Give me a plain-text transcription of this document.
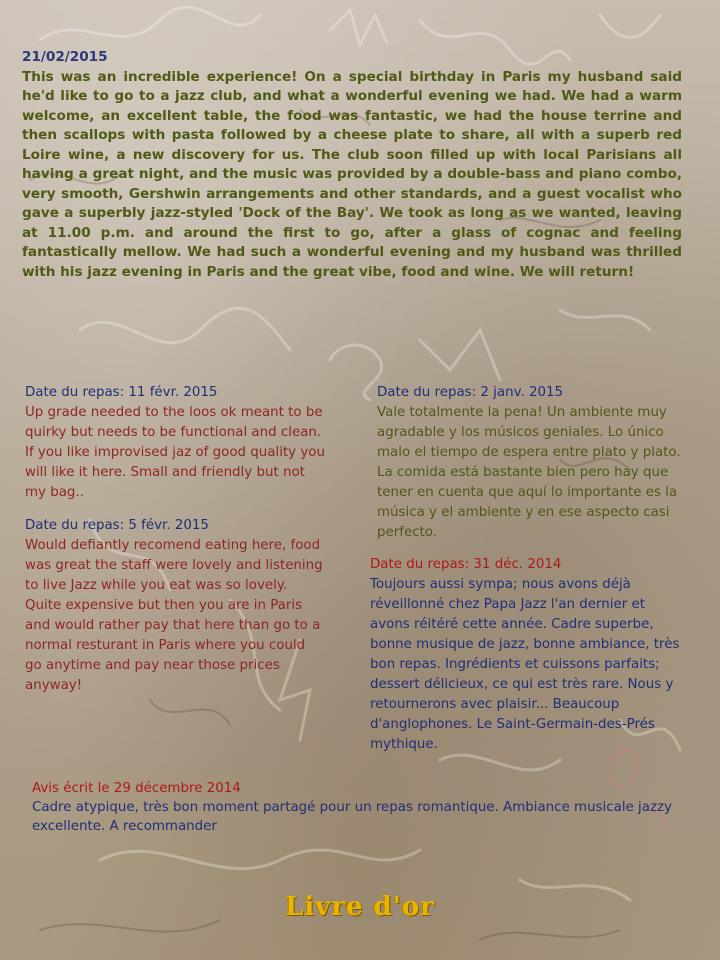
21/02/2015
This was an incredible experience! On a special birthday in Paris my husband said he'd like to go to a jazz club, and what a wonderful evening we had. We had a warm welcome, an excellent table, the food was fantastic, we had the house terrine and then scallops with pasta followed by a cheese plate to share, all with a superb red Loire wine, a new discovery for us. The club soon filled up with local Parisians all having a great night, and the music was provided by a double-bass and piano combo, very smooth, Gershwin arrangements and other standards, and a guest vocalist who gave a superbly jazz-styled 'Dock of the Bay'. We took as long as we wanted, leaving at 11.00 p.m. and around the first to go, after a glass of cognac and feeling fantastically mellow. We had such a wonderful evening and my husband was thrilled with his jazz evening in Paris and the great vibe, food and wine. We will return!
Date du repas: 11 févr. 2015
Up grade needed to the loos ok meant to be quirky but needs to be functional and clean. If you like improvised jaz of good quality you will like it here. Small and friendly but not my bag..
Date du repas: 5 févr. 2015
Would defiantly recomend eating here, food was great the staff were lovely and listening to live Jazz while you eat was so lovely. Quite expensive but then you are in Paris and would rather pay that here than go to a normal resturant in Paris where you could go anytime and pay near those prices anyway!
Date du repas: 2 janv. 2015
Vale totalmente la pena! Un ambiente muy agradable y los músicos geniales. Lo único malo el tiempo de espera entre plato y plato. La comida está bastante bien pero hay que tener en cuenta que aquí lo importante es la música y el ambiente y en ese aspecto casi perfecto.
Date du repas: 31 déc. 2014
Toujours aussi sympa; nous avons déjà réveillonné chez Papa Jazz l'an dernier et avons réitéré cette année. Cadre superbe, bonne musique de jazz, bonne ambiance, très bon repas. Ingrédients et cuissons parfaits; dessert délicieux, ce qui est très rare. Nous y retournerons avec plaisir... Beaucoup d'anglophones. Le Saint-Germain-des-Prés mythique.
Avis écrit le 29 décembre 2014
Cadre atypique, très bon moment partagé pour un repas romantique. Ambiance musicale jazzy excellente. A recommander
Livre d'or
